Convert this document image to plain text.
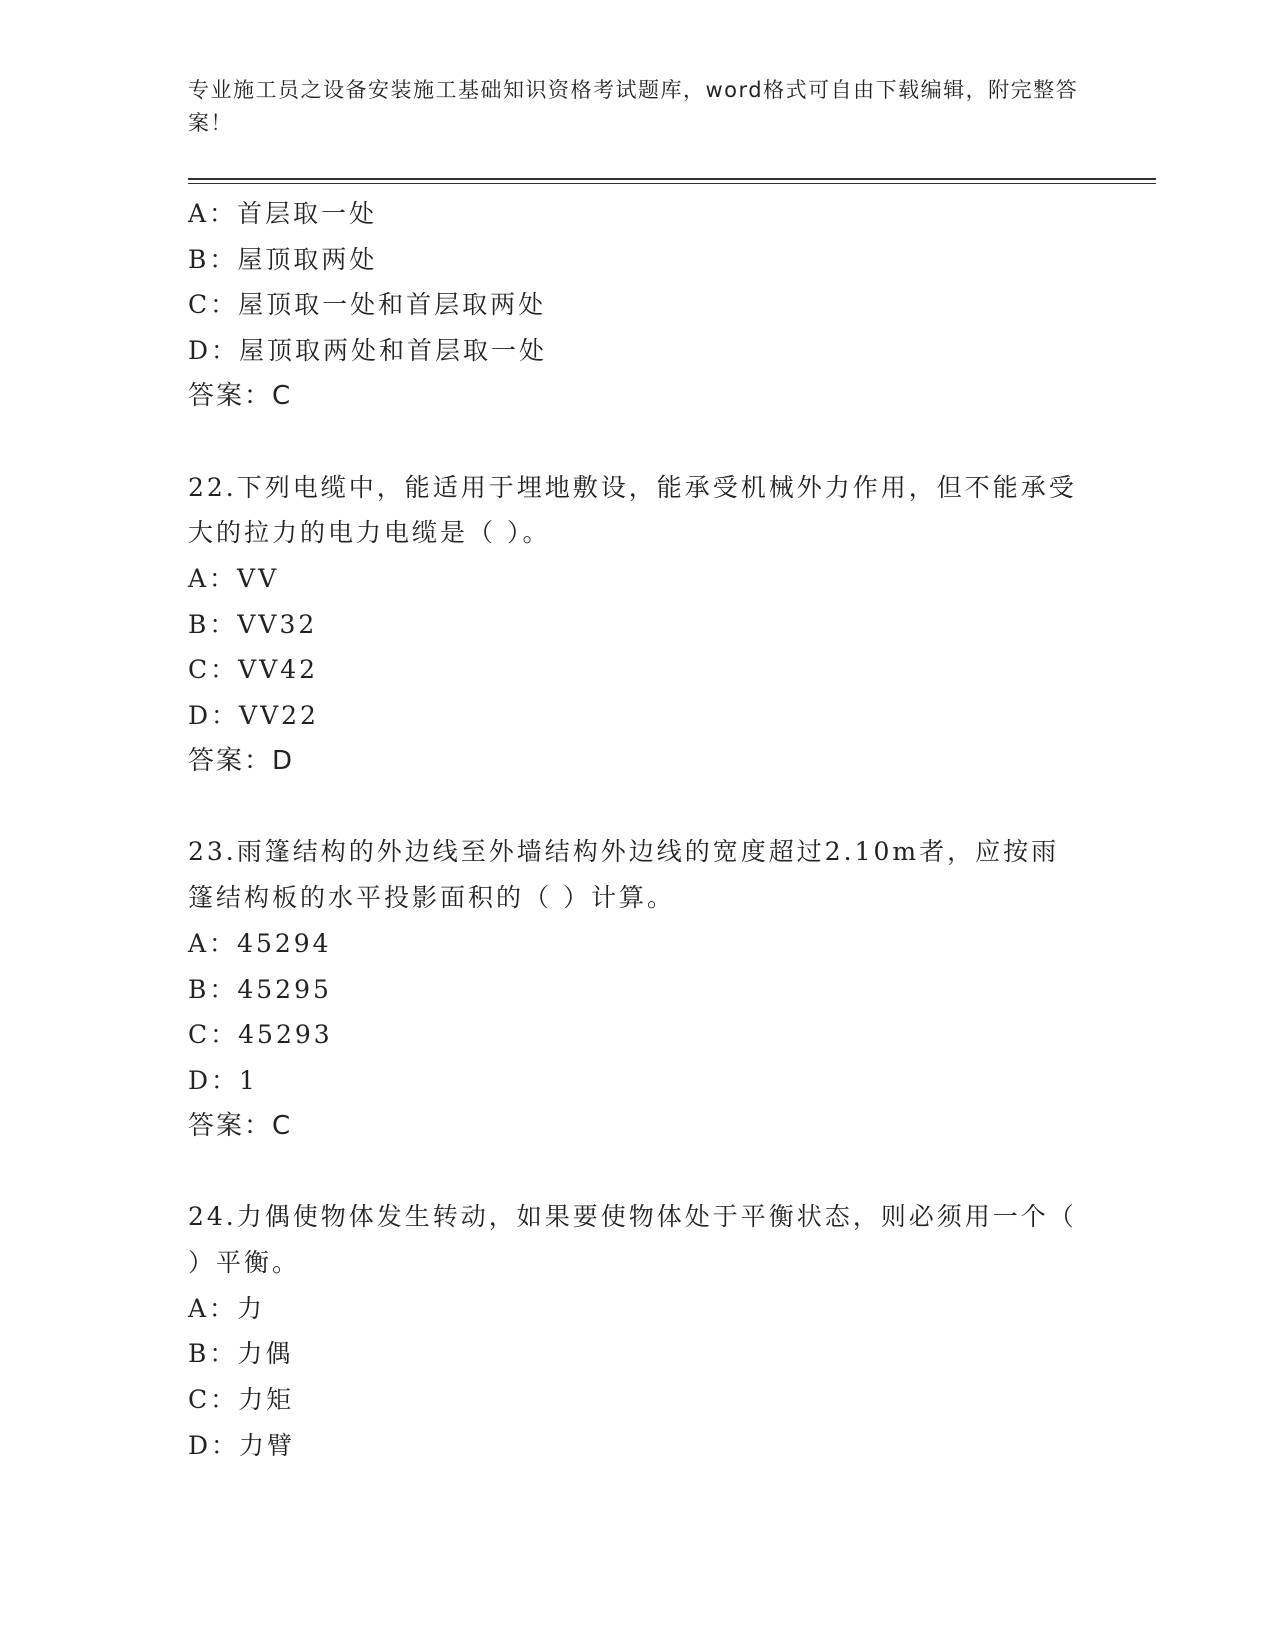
专业施工员之设备安装施工基础知识资格考试题库，word格式可自由下载编辑，附完整答案！
A：首层取一处
B：屋顶取两处
C：屋顶取一处和首层取两处
D：屋顶取两处和首层取一处
答案：C
22.下列电缆中，能适用于埋地敷设，能承受机械外力作用，但不能承受大的拉力的电力电缆是（ ）。
A：VV
B：VV32
C：VV42
D：VV22
答案：D
23.雨篷结构的外边线至外墙结构外边线的宽度超过2.10m者，应按雨篷结构板的水平投影面积的（ ）计算。
A：45294
B：45295
C：45293
D：1
答案：C
24.力偶使物体发生转动，如果要使物体处于平衡状态，则必须用一个（ ）平衡。
A：力
B：力偶
C：力矩
D：力臂
